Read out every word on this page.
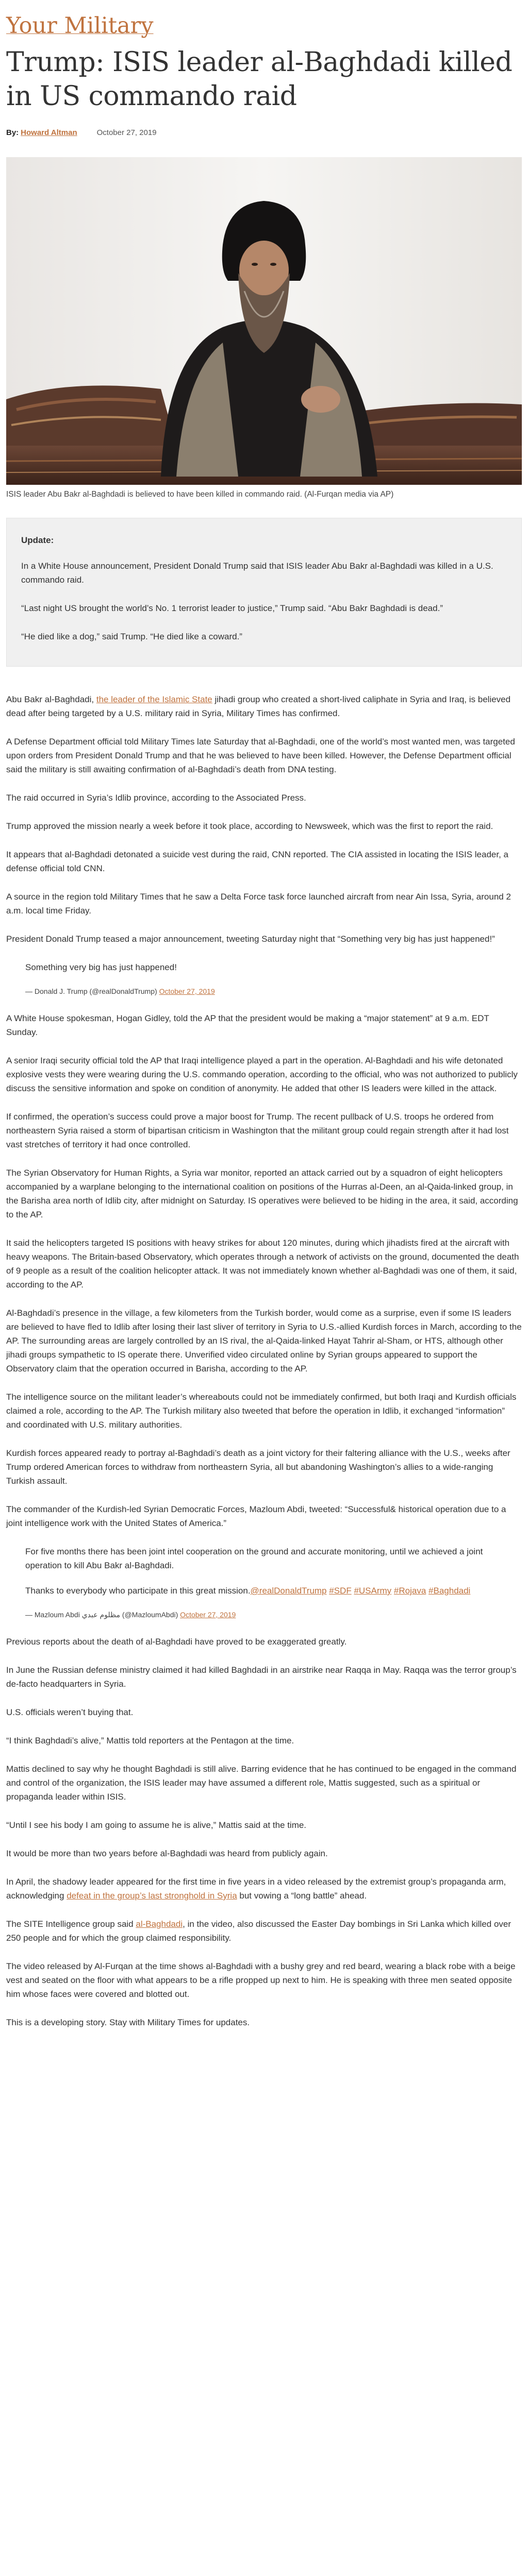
Your Military
Trump: ISIS leader al-Baghdadi killed in US commando raid
By: Howard Altman	October 27, 2019

ISIS leader Abu Bakr al-Baghdadi is believed to have been killed in commando raid. (Al-Furqan media via AP)

Update:

In a White House announcement, President Donald Trump said that ISIS leader Abu Bakr al-Baghdadi was killed in a U.S. commando raid.

“Last night US brought the world’s No. 1 terrorist leader to justice,” Trump said. “Abu Bakr Baghdadi is dead.”

“He died like a dog,” said Trump. “He died like a coward.”

Abu Bakr al-Baghdadi, the leader of the Islamic State jihadi group who created a short-lived caliphate in Syria and Iraq, is believed dead after being targeted by a U.S. military raid in Syria, Military Times has confirmed.

A Defense Department official told Military Times late Saturday that al-Baghdadi, one of the world’s most wanted men, was targeted upon orders from President Donald Trump and that he was believed to have been killed. However, the Defense Department official said the military is still awaiting confirmation of al-Baghdadi’s death from DNA testing.

The raid occurred in Syria’s Idlib province, according to the Associated Press.

Trump approved the mission nearly a week before it took place, according to Newsweek, which was the first to report the raid.

It appears that al-Baghdadi detonated a suicide vest during the raid, CNN reported. The CIA assisted in locating the ISIS leader, a defense official told CNN.

A source in the region told Military Times that he saw a Delta Force task force launched aircraft from near Ain Issa, Syria, around 2 a.m. local time Friday.

President Donald Trump teased a major announcement, tweeting Saturday night that “Something very big has just happened!”

Something very big has just happened!

— Donald J. Trump (@realDonaldTrump) October 27, 2019

A White House spokesman, Hogan Gidley, told the AP that the president would be making a “major statement” at 9 a.m. EDT Sunday.

A senior Iraqi security official told the AP that Iraqi intelligence played a part in the operation. Al-Baghdadi and his wife detonated explosive vests they were wearing during the U.S. commando operation, according to the official, who was not authorized to publicly discuss the sensitive information and spoke on condition of anonymity. He added that other IS leaders were killed in the attack.

If confirmed, the operation’s success could prove a major boost for Trump. The recent pullback of U.S. troops he ordered from northeastern Syria raised a storm of bipartisan criticism in Washington that the militant group could regain strength after it had lost vast stretches of territory it had once controlled.

The Syrian Observatory for Human Rights, a Syria war monitor, reported an attack carried out by a squadron of eight helicopters accompanied by a warplane belonging to the international coalition on positions of the Hurras al-Deen, an al-Qaida-linked group, in the Barisha area north of Idlib city, after midnight on Saturday. IS operatives were believed to be hiding in the area, it said, according to the AP.

It said the helicopters targeted IS positions with heavy strikes for about 120 minutes, during which jihadists fired at the aircraft with heavy weapons. The Britain-based Observatory, which operates through a network of activists on the ground, documented the death of 9 people as a result of the coalition helicopter attack. It was not immediately known whether al-Baghdadi was one of them, it said, according to the AP.

Al-Baghdadi’s presence in the village, a few kilometers from the Turkish border, would come as a surprise, even if some IS leaders are believed to have fled to Idlib after losing their last sliver of territory in Syria to U.S.-allied Kurdish forces in March, according to the AP. The surrounding areas are largely controlled by an IS rival, the al-Qaida-linked Hayat Tahrir al-Sham, or HTS, although other jihadi groups sympathetic to IS operate there. Unverified video circulated online by Syrian groups appeared to support the Observatory claim that the operation occurred in Barisha, according to the AP.

The intelligence source on the militant leader’s whereabouts could not be immediately confirmed, but both Iraqi and Kurdish officials claimed a role, according to the AP. The Turkish military also tweeted that before the operation in Idlib, it exchanged “information” and coordinated with U.S. military authorities.

Kurdish forces appeared ready to portray al-Baghdadi’s death as a joint victory for their faltering alliance with the U.S., weeks after Trump ordered American forces to withdraw from northeastern Syria, all but abandoning Washington’s allies to a wide-ranging Turkish assault.

The commander of the Kurdish-led Syrian Democratic Forces, Mazloum Abdi, tweeted: “Successful& historical operation due to a joint intelligence work with the United States of America.”

For five months there has been joint intel cooperation on the ground and accurate monitoring, until we achieved a joint operation to kill Abu Bakr al-Baghdadi.

Thanks to everybody who participate in this great mission.@realDonaldTrump #SDF #USArmy #Rojava #Baghdadi

— Mazloum Abdi مظلوم عبدي (@MazloumAbdi) October 27, 2019

Previous reports about the death of al-Baghdadi have proved to be exaggerated greatly.

In June the Russian defense ministry claimed it had killed Baghdadi in an airstrike near Raqqa in May. Raqqa was the terror group’s de-facto headquarters in Syria.

U.S. officials weren’t buying that.

“I think Baghdadi’s alive,” Mattis told reporters at the Pentagon at the time.

Mattis declined to say why he thought Baghdadi is still alive. Barring evidence that he has continued to be engaged in the command and control of the organization, the ISIS leader may have assumed a different role, Mattis suggested, such as a spiritual or propaganda leader within ISIS.

“Until I see his body I am going to assume he is alive,” Mattis said at the time.

It would be more than two years before al-Baghdadi was heard from publicly again.

In April, the shadowy leader appeared for the first time in five years in a video released by the extremist group’s propaganda arm, acknowledging defeat in the group’s last stronghold in Syria but vowing a “long battle” ahead.

The SITE Intelligence group said al-Baghdadi, in the video, also discussed the Easter Day bombings in Sri Lanka which killed over 250 people and for which the group claimed responsibility.

The video released by Al-Furqan at the time shows al-Baghdadi with a bushy grey and red beard, wearing a black robe with a beige vest and seated on the floor with what appears to be a rifle propped up next to him. He is speaking with three men seated opposite him whose faces were covered and blotted out.

This is a developing story. Stay with Military Times for updates.
